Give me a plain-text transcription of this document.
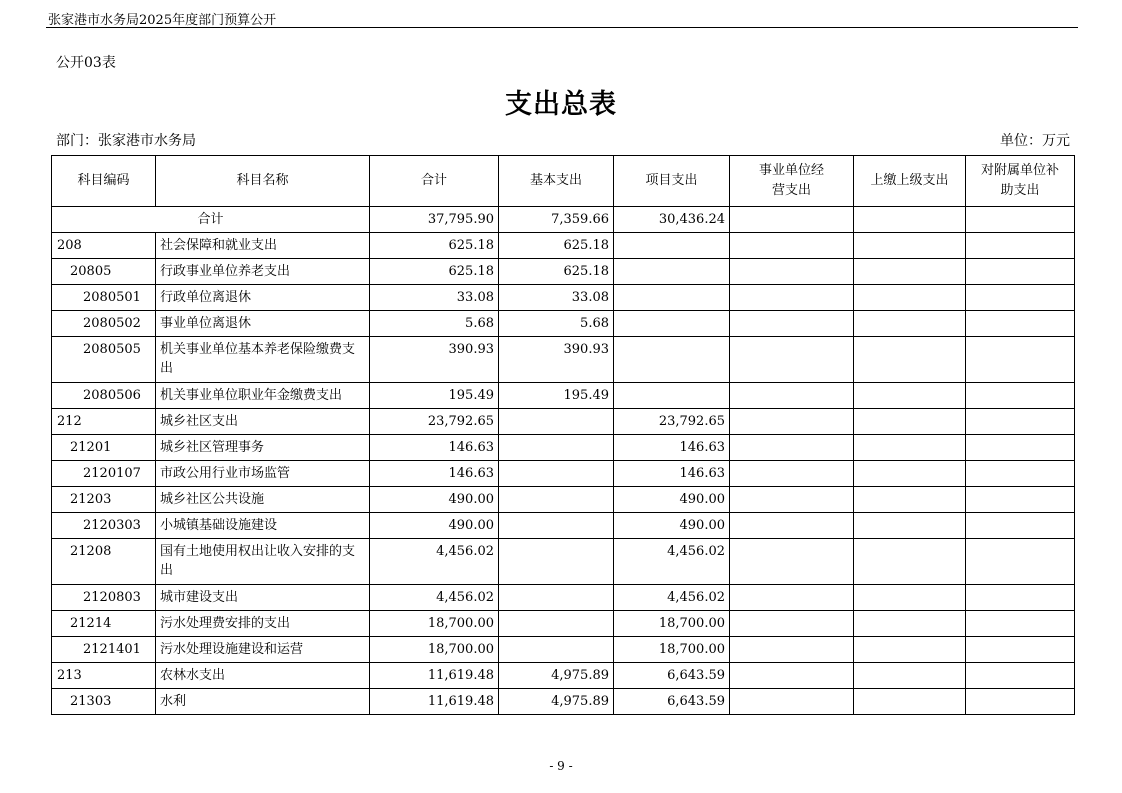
张家港市水务局2025年度部门预算公开
公开03表
支出总表
部门：张家港市水务局	单位：万元
科目编码	科目名称	合计	基本支出	项目支出	事业单位经营支出	上缴上级支出	对附属单位补助支出
合计		37,795.90	7,359.66	30,436.24			
208	社会保障和就业支出	625.18	625.18				
20805	行政事业单位养老支出	625.18	625.18				
2080501	行政单位离退休	33.08	33.08				
2080502	事业单位离退休	5.68	5.68				
2080505	机关事业单位基本养老保险缴费支出	390.93	390.93				
2080506	机关事业单位职业年金缴费支出	195.49	195.49				
212	城乡社区支出	23,792.65		23,792.65			
21201	城乡社区管理事务	146.63		146.63			
2120107	市政公用行业市场监管	146.63		146.63			
21203	城乡社区公共设施	490.00		490.00			
2120303	小城镇基础设施建设	490.00		490.00			
21208	国有土地使用权出让收入安排的支出	4,456.02		4,456.02			
2120803	城市建设支出	4,456.02		4,456.02			
21214	污水处理费安排的支出	18,700.00		18,700.00			
2121401	污水处理设施建设和运营	18,700.00		18,700.00			
213	农林水支出	11,619.48	4,975.89	6,643.59			
21303	水利	11,619.48	4,975.89	6,643.59			
- 9 -
